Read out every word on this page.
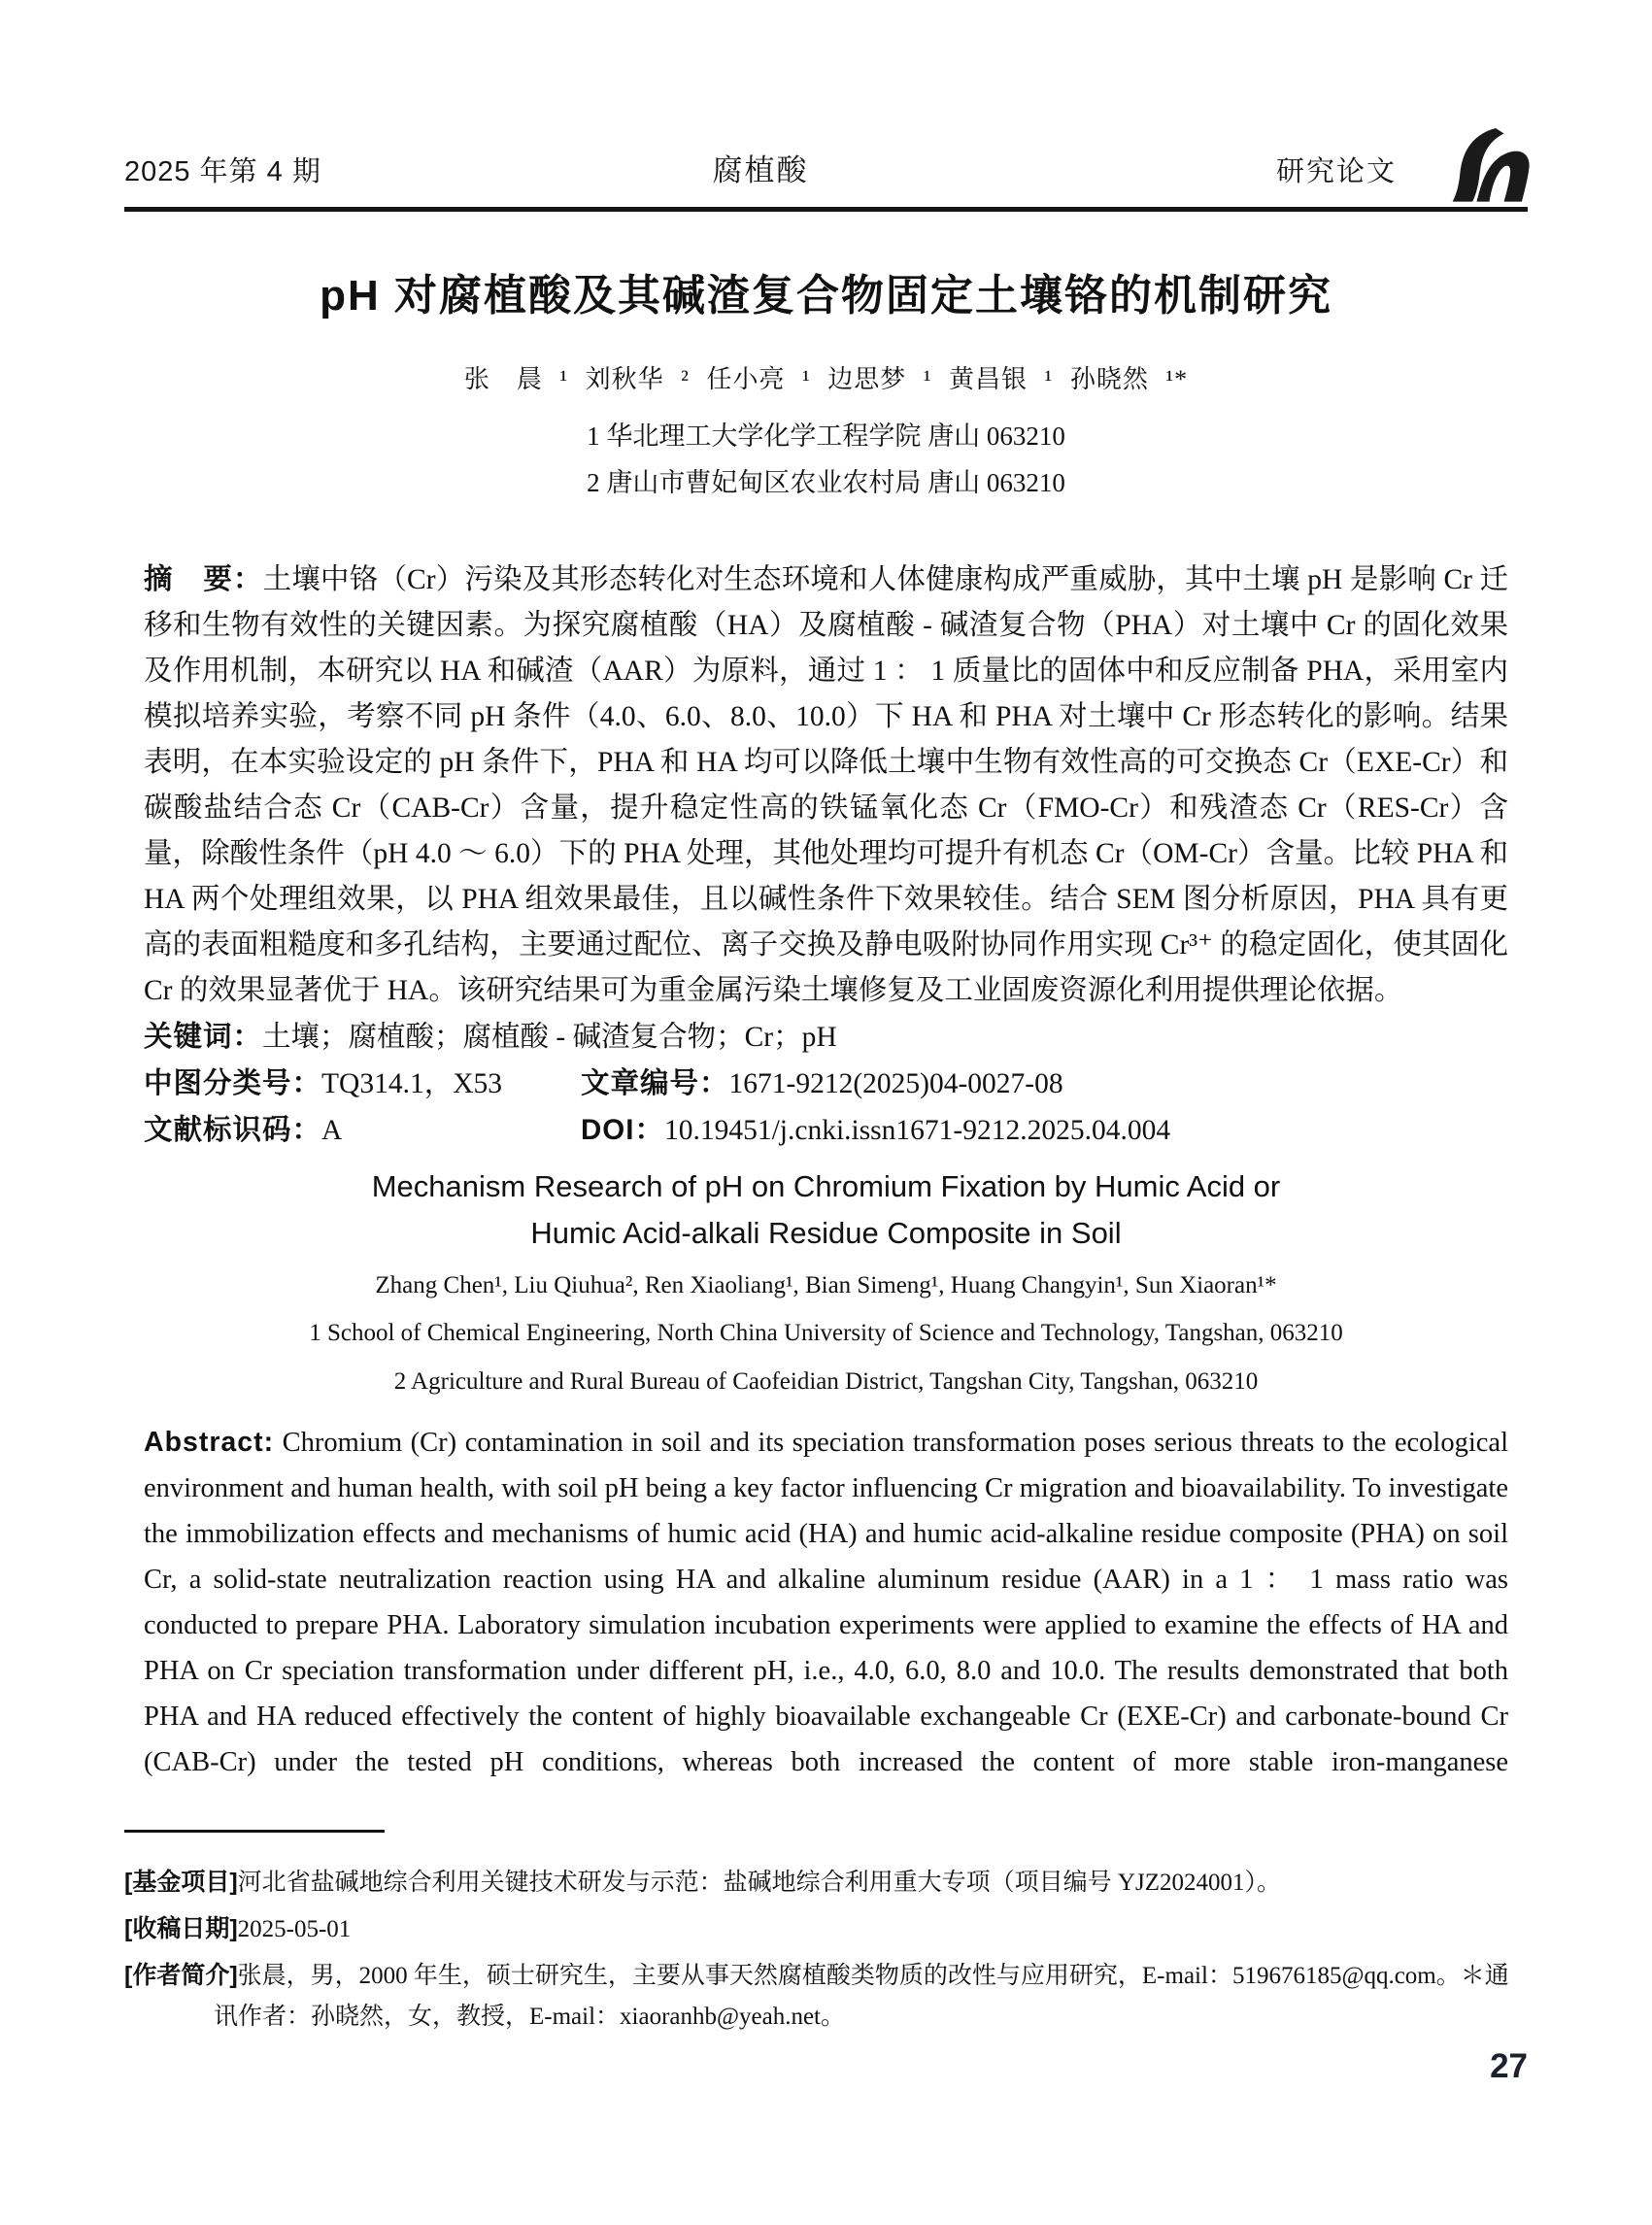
2025 年第 4 期	腐植酸	研究论文
pH 对腐植酸及其碱渣复合物固定土壤铬的机制研究

张　晨 ¹ 刘秋华 ² 任小亮 ¹ 边思梦 ¹ 黄昌银 ¹ 孙晓然 ¹*

1 华北理工大学化学工程学院 唐山 063210

2 唐山市曹妃甸区农业农村局 唐山 063210

摘　要：土壤中铬（Cr）污染及其形态转化对生态环境和人体健康构成严重威胁，其中土壤 pH 是影响 Cr 迁移和生物有效性的关键因素。为探究腐植酸（HA）及腐植酸 - 碱渣复合物（PHA）对土壤中 Cr 的固化效果及作用机制，本研究以 HA 和碱渣（AAR）为原料，通过 1 ： 1 质量比的固体中和反应制备 PHA，采用室内模拟培养实验，考察不同 pH 条件（4.0、6.0、8.0、10.0）下 HA 和 PHA 对土壤中 Cr 形态转化的影响。结果表明，在本实验设定的 pH 条件下，PHA 和 HA 均可以降低土壤中生物有效性高的可交换态 Cr（EXE-Cr）和碳酸盐结合态 Cr（CAB-Cr）含量，提升稳定性高的铁锰氧化态 Cr（FMO-Cr）和残渣态 Cr（RES-Cr）含量，除酸性条件（pH 4.0 ～ 6.0）下的 PHA 处理，其他处理均可提升有机态 Cr（OM-Cr）含量。比较 PHA 和 HA 两个处理组效果，以 PHA 组效果最佳，且以碱性条件下效果较佳。结合 SEM 图分析原因，PHA 具有更高的表面粗糙度和多孔结构，主要通过配位、离子交换及静电吸附协同作用实现 Cr³⁺ 的稳定固化，使其固化 Cr 的效果显著优于 HA。该研究结果可为重金属污染土壤修复及工业固废资源化利用提供理论依据。

关键词：土壤；腐植酸；腐植酸 - 碱渣复合物；Cr；pH

中图分类号：TQ314.1，X53	文章编号：1671-9212(2025)04-0027-08

文献标识码：A	DOI：10.19451/j.cnki.issn1671-9212.2025.04.004

Mechanism Research of pH on Chromium Fixation by Humic Acid or
Humic Acid-alkali Residue Composite in Soil

Zhang Chen¹, Liu Qiuhua², Ren Xiaoliang¹, Bian Simeng¹, Huang Changyin¹, Sun Xiaoran¹*

1 School of Chemical Engineering, North China University of Science and Technology, Tangshan, 063210

2 Agriculture and Rural Bureau of Caofeidian District, Tangshan City, Tangshan, 063210

Abstract: Chromium (Cr) contamination in soil and its speciation transformation poses serious threats to the ecological environment and human health, with soil pH being a key factor influencing Cr migration and bioavailability. To investigate the immobilization effects and mechanisms of humic acid (HA) and humic acid-alkaline residue composite (PHA) on soil Cr, a solid-state neutralization reaction using HA and alkaline aluminum residue (AAR) in a 1 ： 1 mass ratio was conducted to prepare PHA. Laboratory simulation incubation experiments were applied to examine the effects of HA and PHA on Cr speciation transformation under different pH, i.e., 4.0, 6.0, 8.0 and 10.0. The results demonstrated that both PHA and HA reduced effectively the content of highly bioavailable exchangeable Cr (EXE-Cr) and carbonate-bound Cr (CAB-Cr) under the tested pH conditions, whereas both increased the content of more stable iron-manganese

[基金项目]河北省盐碱地综合利用关键技术研发与示范：盐碱地综合利用重大专项（项目编号 YJZ2024001）。

[收稿日期]2025-05-01

[作者简介]张晨，男，2000 年生，硕士研究生，主要从事天然腐植酸类物质的改性与应用研究，E-mail：519676185@qq.com。＊通讯作者：孙晓然，女，教授，E-mail：xiaoranhb@yeah.net。

27
